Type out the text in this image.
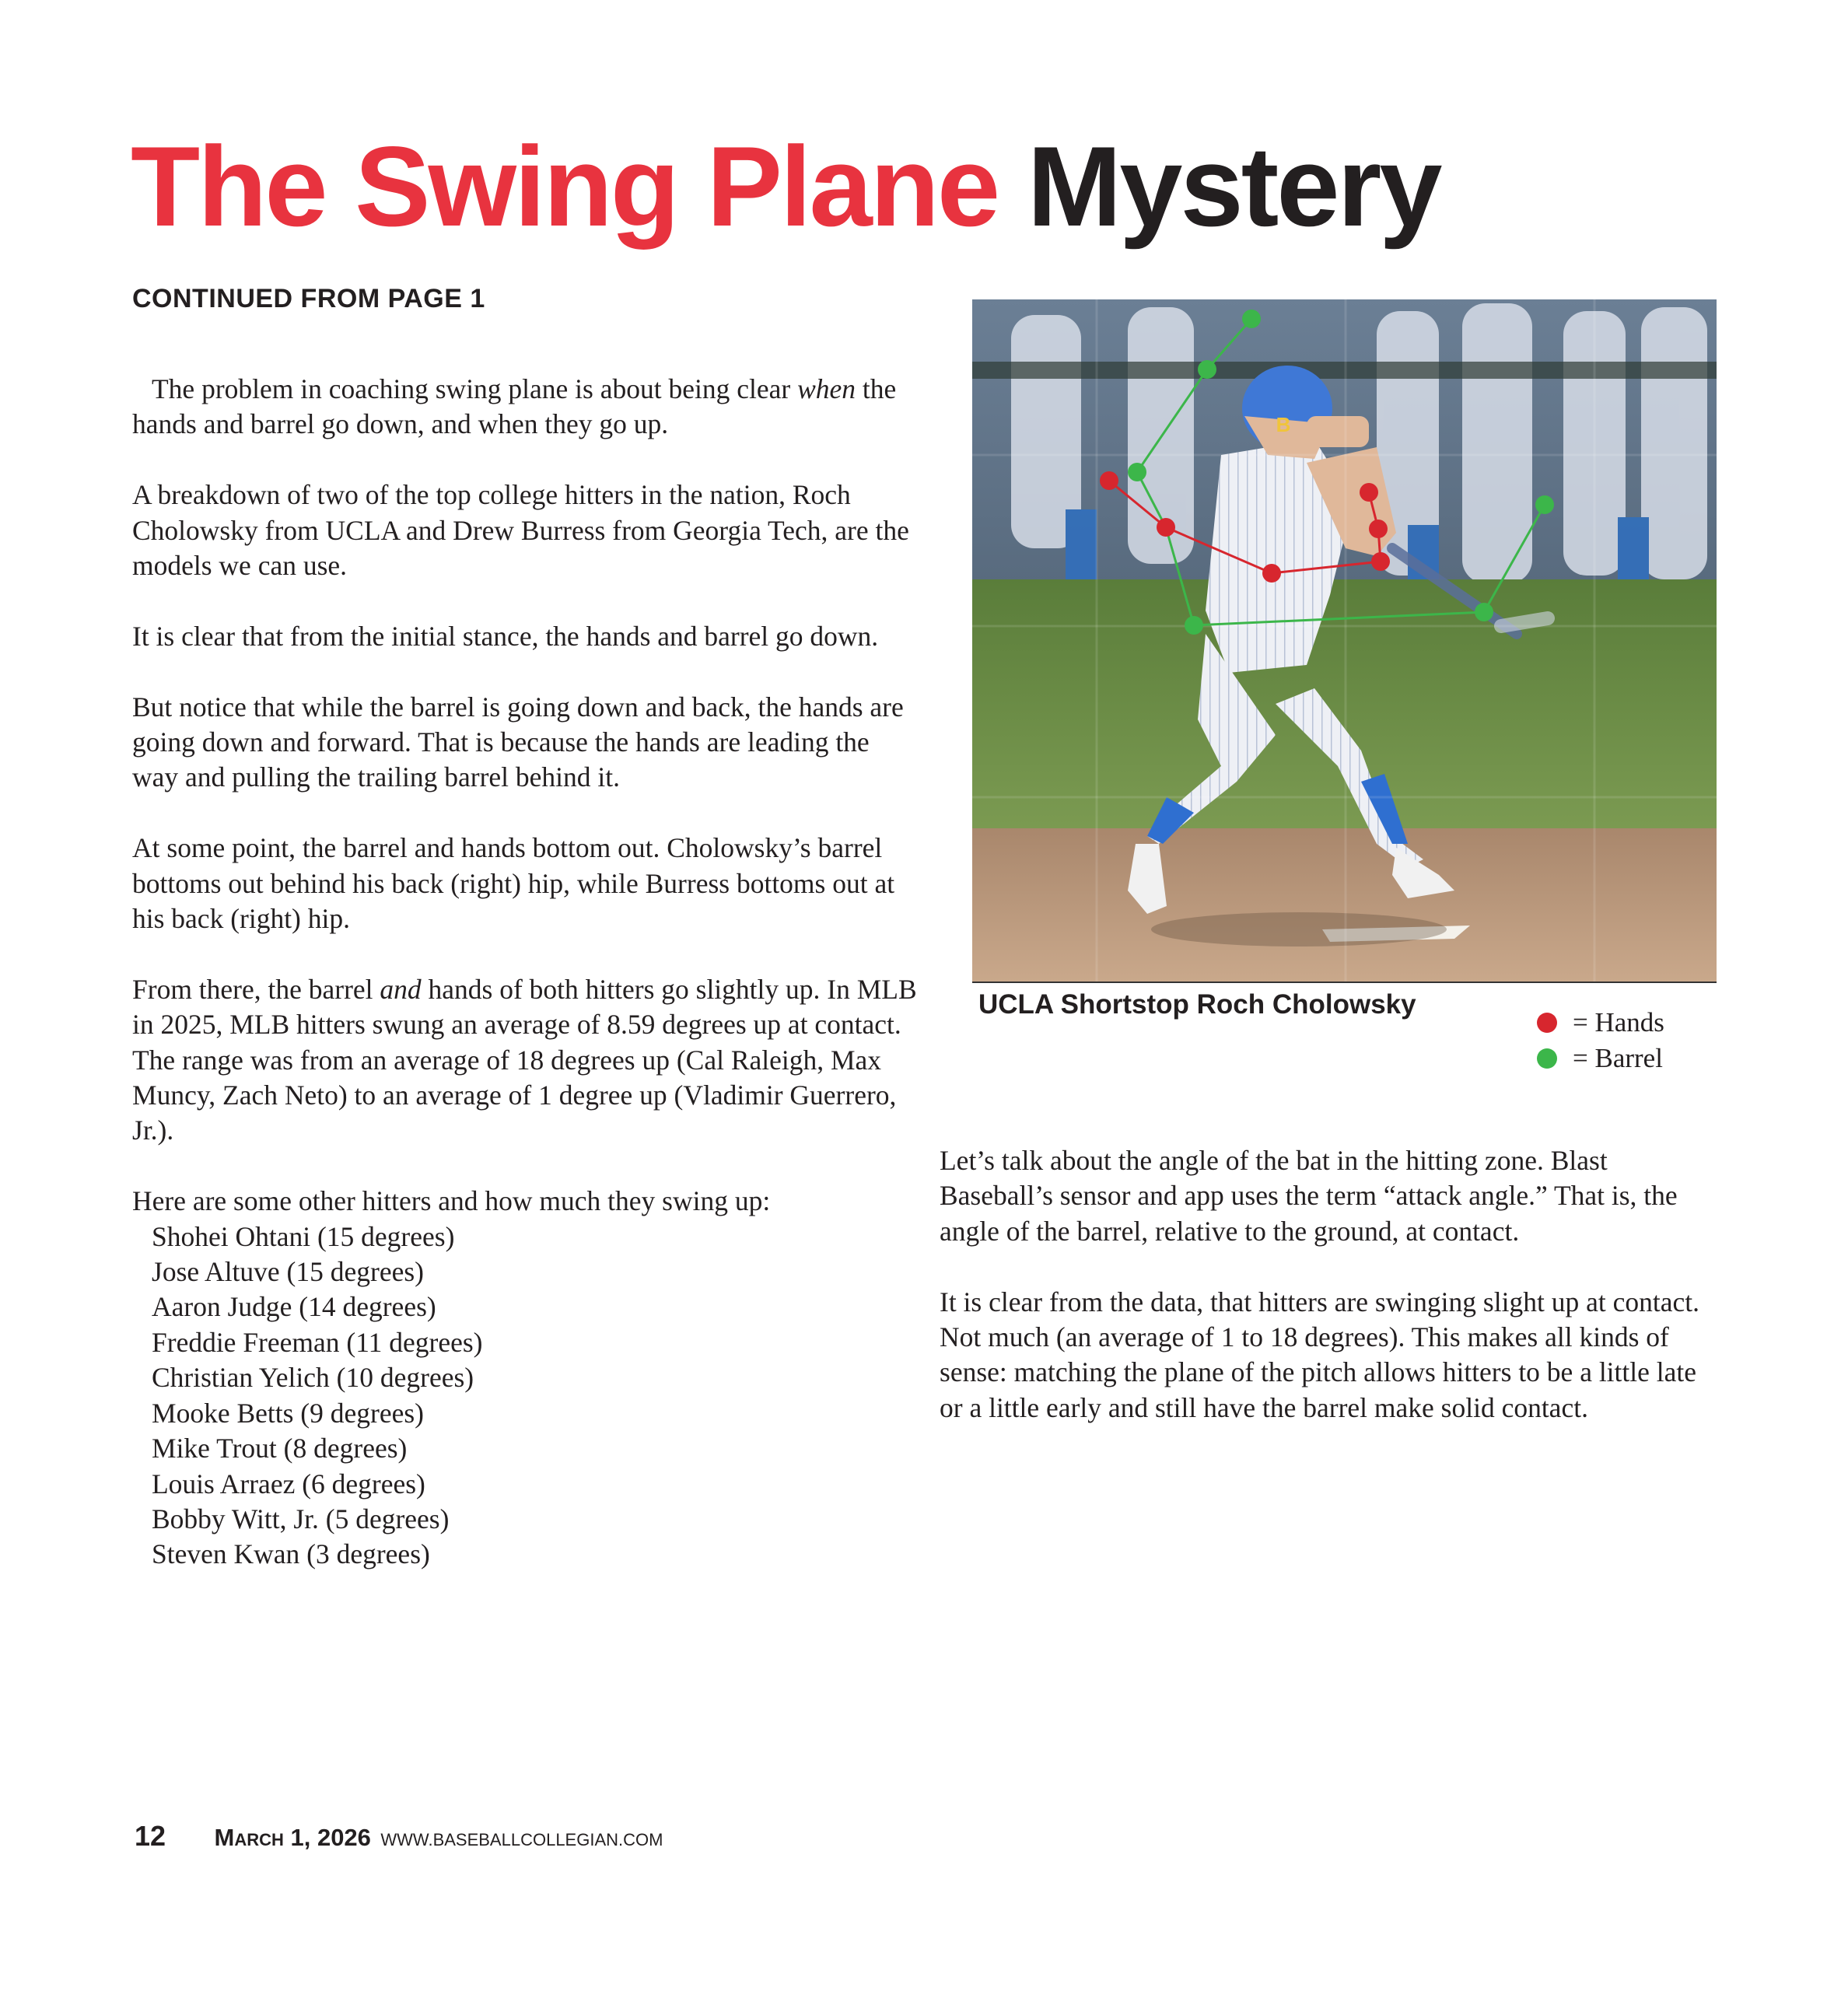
The Swing Plane Mystery
CONTINUED FROM PAGE 1

The problem in coaching swing plane is about being clear when the hands and barrel go down, and when they go up.

A breakdown of two of the top college hitters in the nation, Roch Cholowsky from UCLA and Drew Burress from Georgia Tech, are the models we can use.

It is clear that from the initial stance, the hands and barrel go down.

But notice that while the barrel is going down and back, the hands are going down and forward. That is because the hands are leading the way and pulling the trailing barrel behind it.

At some point, the barrel and hands bottom out. Cholowsky’s barrel bottoms out behind his back (right) hip, while Burress bottoms out at his back (right) hip.

From there, the barrel and hands of both hitters go slightly up. In MLB in 2025, MLB hitters swung an average of 8.59 degrees up at contact. The range was from an average of 18 degrees up (Cal Raleigh, Max Muncy, Zach Neto) to an average of 1 degree up (Vladimir Guerrero, Jr.).

Here are some other hitters and how much they swing up:
Shohei Ohtani (15 degrees)
Jose Altuve (15 degrees)
Aaron Judge (14 degrees)
Freddie Freeman (11 degrees)
Christian Yelich (10 degrees)
Mooke Betts (9 degrees)
Mike Trout (8 degrees)
Louis Arraez (6 degrees)
Bobby Witt, Jr. (5 degrees)
Steven Kwan (3 degrees)
B
UCLA Shortstop Roch Cholowsky
= Hands
= Barrel

Let’s talk about the angle of the bat in the hitting zone. Blast Baseball’s sensor and app uses the term “attack angle.” That is, the angle of the barrel, relative to the ground, at contact.

It is clear from the data, that hitters are swinging slight up at contact. Not much (an average of 1 to 18 degrees). This makes all kinds of sense: matching the plane of the pitch allows hitters to be a little late or a little early and still have the barrel make solid contact.

12 March 1, 2026 WWW.BASEBALLCOLLEGIAN.COM
